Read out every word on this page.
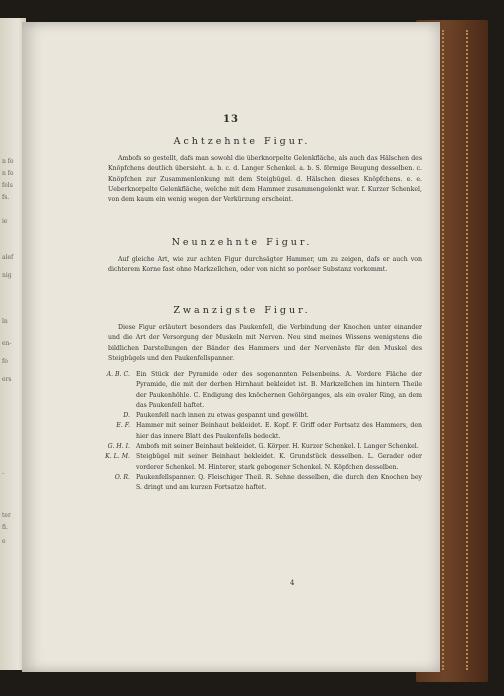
n fe
n fe
fels
fs.
ie
alef
nig
ln
en-
fo
ers
-
ter
fi.
e
13
Achtzehnte Figur.

Ambofs so gestellt, dafs man sowohl die überknorpelte Gelenkfläche, als auch das Hälschen des Knöpfchens deutlich übersieht. a. b. c. d. Langer Schenkel. a. b. S. förmige Beugung desselben. c. Knöpfchen zur Zusammenlenkung mit dem Steigbügel. d. Hälschen dieses Knöpfchens. e. e. Ueberknorpelte Gelenkfläche, welche mit dem Hammer zusammengelenkt war. f. Kurzer Schenkel, von dem kaum ein wenig wegen der Verkürzung erscheint.

Neunzehnte Figur.

Auf gleiche Art, wie zur achten Figur durchsägter Hammer, um zu zeigen, dafs er auch von dichterem Korne fast ohne Markzellchen, oder von nicht so poröser Substanz vorkommt.

Zwanzigste Figur.

Diese Figur erläutert besonders das Paukenfell, die Verbindung der Knochen unter einander und die Art der Versorgung der Muskeln mit Nerven. Neu sind meines Wissens wenigstens die bildlichen Darstellungen der Bänder des Hammers und der Nervenäste für den Muskel des Steigbügels und den Paukenfellspanner.

A. B. C. Ein Stück der Pyramide oder des sogenannten Felsenbeins. A. Vordere Fläche der Pyramide, die mit der derben Hirnhaut bekleidet ist. B. Markzellchen im hintern Theile der Paukenhöhle. C. Endigung des knöchernen Gehörganges, als ein ovaler Ring, an dem das Paukenfell haftet.
D. Paukenfell nach innen zu etwas gespannt und gewölbt.
E. F. Hammer mit seiner Beinhaut bekleidet. E. Kopf. F. Griff oder Fortsatz des Hammers, den hier das innere Blatt des Paukenfells bedeckt.
G. H. I. Ambofs mit seiner Beinhaut bekleidet. G. Körper. H. Kurzer Schenkel. I. Langer Schenkel.
K. L. M. Steigbügel mit seiner Beinhaut bekleidet. K. Grundstück desselben. L. Gerader oder vorderer Schenkel. M. Hinterer, stark gebogener Schenkel. N. Köpfchen desselben.
O. R. Paukenfellspanner. Q. Fleischiger Theil. R. Sehne desselben, die durch den Knochen bey S. dringt und am kurzen Fortsatze haftet.
4
